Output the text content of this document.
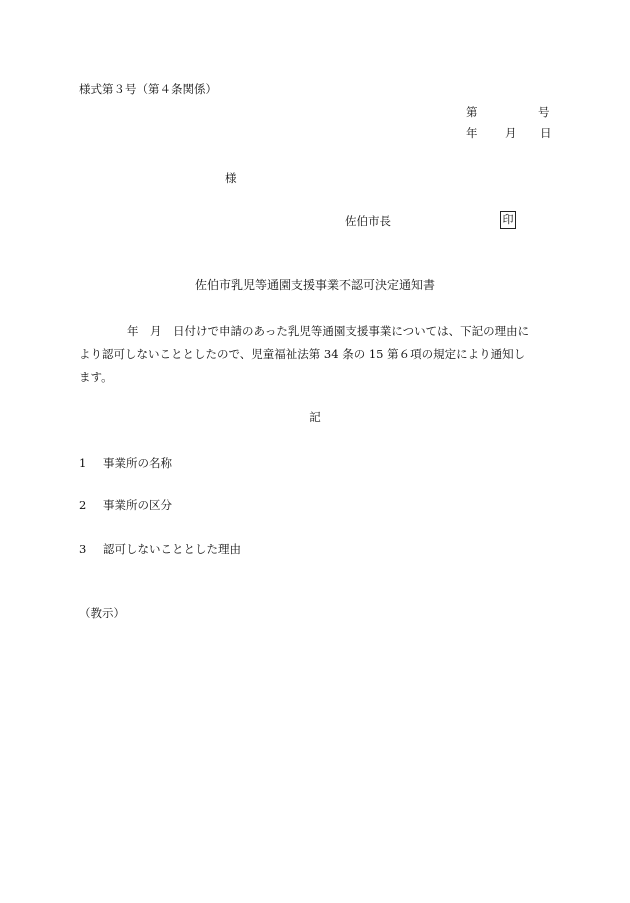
様式第３号（第４条関係）
第	号
年 月 日
様
佐伯市長	印
佐伯市乳児等通園支援事業不認可決定通知書
年　月　日付けで申請のあった乳児等通園支援事業については、下記の理由に
より認可しないこととしたので、児童福祉法第 34 条の 15 第６項の規定により通知し
ます。
記
1 事業所の名称
2 事業所の区分
3 認可しないこととした理由
（教示）
